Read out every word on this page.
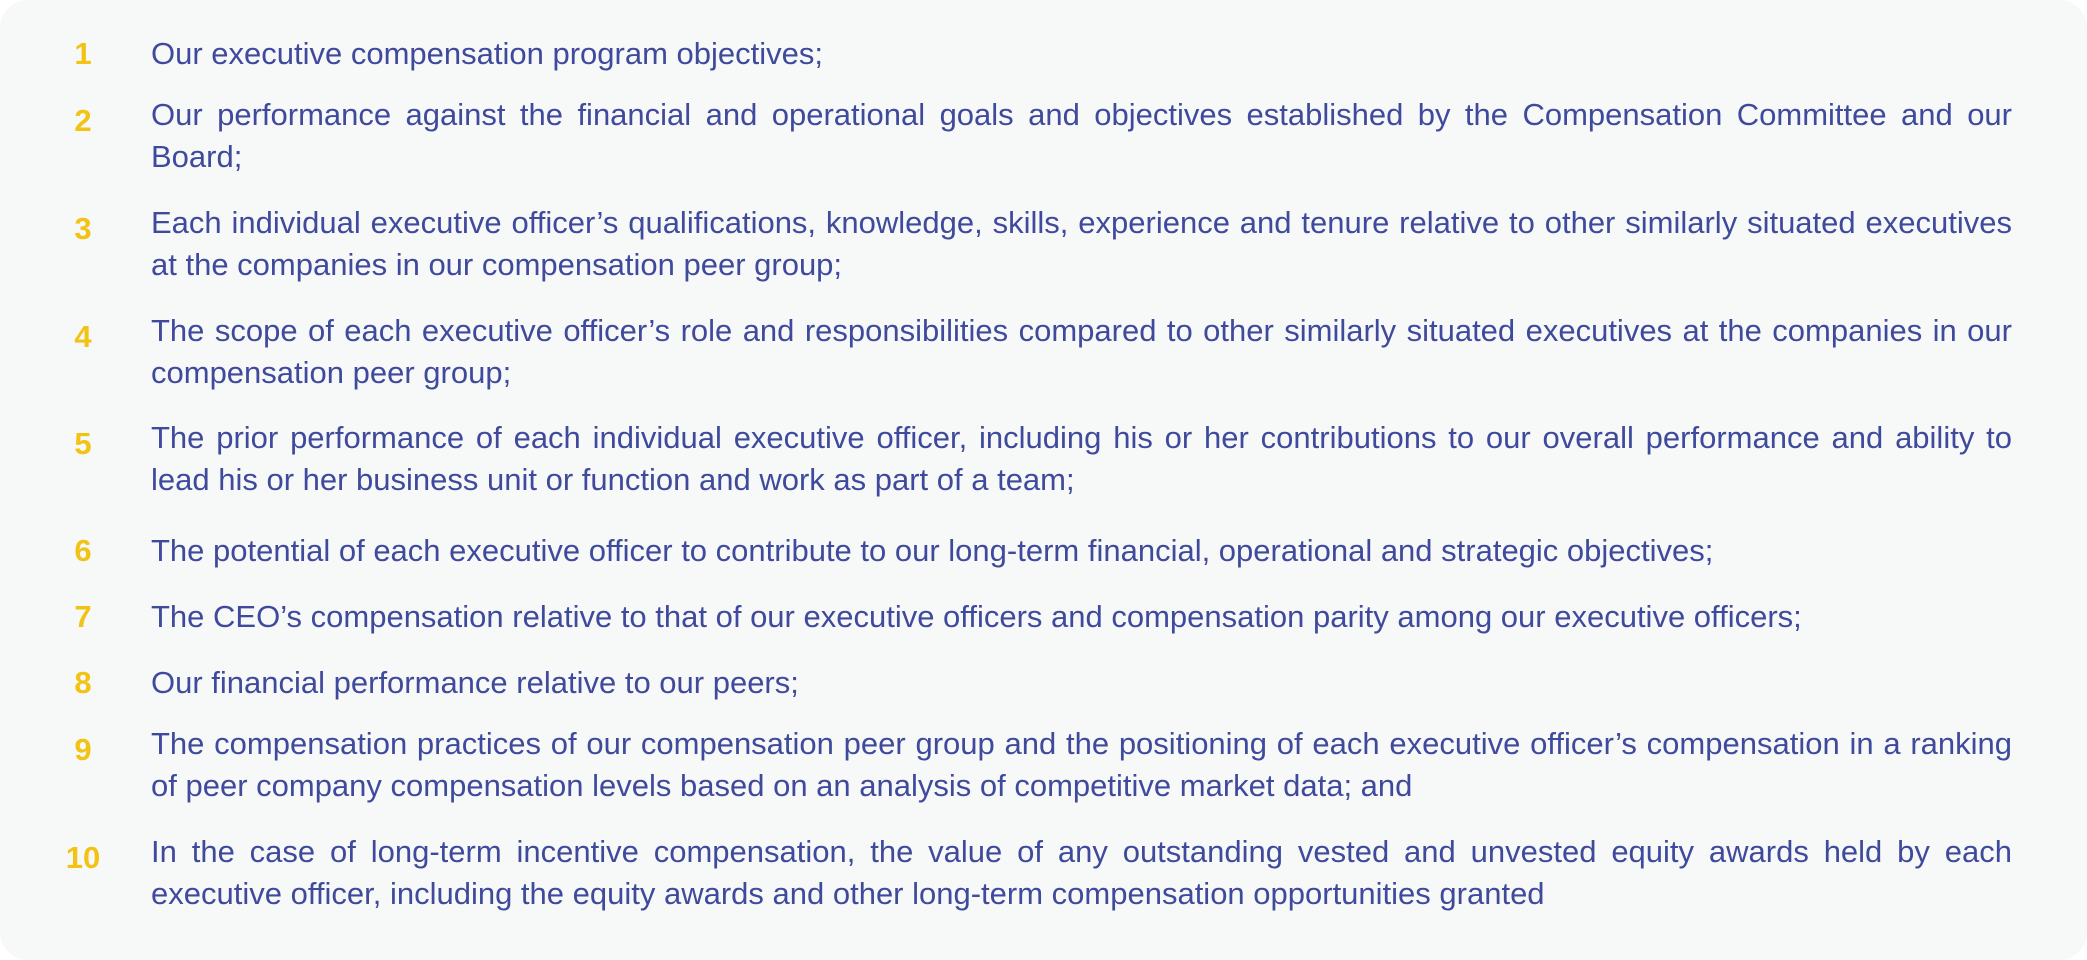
1	Our executive compensation program objectives;
2	Our performance against the financial and operational goals and objectives established by the Compensation Committee and our Board;
3	Each individual executive officer’s qualifications, knowledge, skills, experience and tenure relative to other similarly situated executives at the companies in our compensation peer group;
4	The scope of each executive officer’s role and responsibilities compared to other similarly situated executives at the companies in our compensation peer group;
5	The prior performance of each individual executive officer, including his or her contributions to our overall performance and ability to lead his or her business unit or function and work as part of a team;
6	The potential of each executive officer to contribute to our long-term financial, operational and strategic objectives;
7	The CEO’s compensation relative to that of our executive officers and compensation parity among our executive officers;
8	Our financial performance relative to our peers;
9	The compensation practices of our compensation peer group and the positioning of each executive officer’s compensation in a ranking of peer company compensation levels based on an analysis of competitive market data; and
10	In the case of long-term incentive compensation, the value of any outstanding vested and unvested equity awards held by each executive officer, including the equity awards and other long-term compensation opportunities granted
